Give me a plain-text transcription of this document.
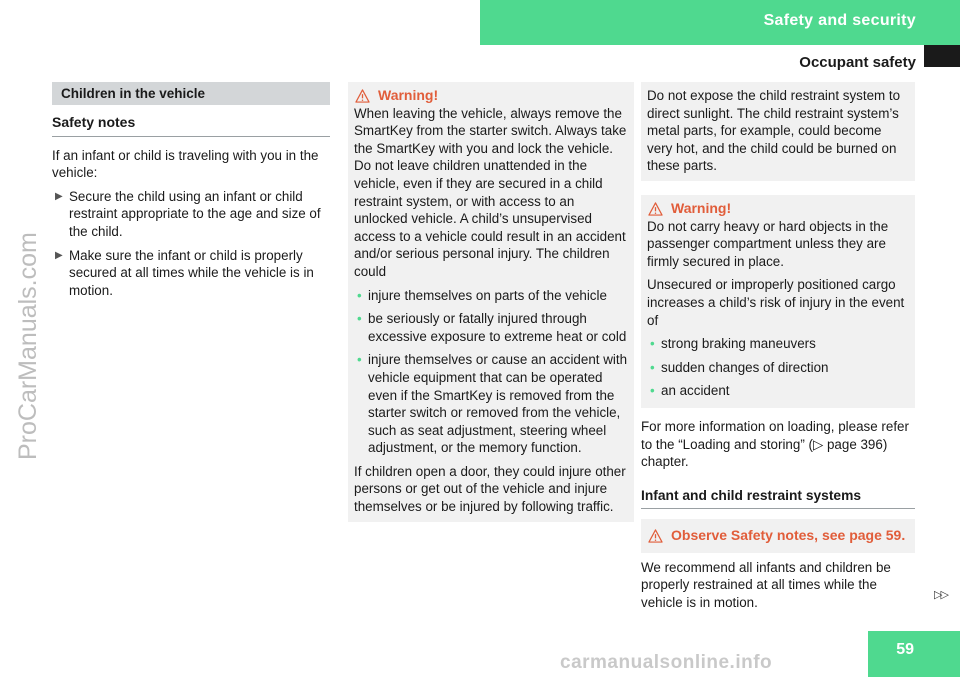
Safety and security
Occupant safety
ProCarManuals.com
Children in the vehicle
Safety notes

If an infant or child is traveling with you in the vehicle:

▶ Secure the child using an infant or child restraint appropriate to the age and size of the child.

▶ Make sure the infant or child is properly secured at all times while the vehicle is in motion.

Warning!

When leaving the vehicle, always remove the SmartKey from the starter switch. Always take the SmartKey with you and lock the vehicle. Do not leave children unattended in the vehicle, even if they are secured in a child restraint system, or with access to an unlocked vehicle. A child’s unsupervised access to a vehicle could result in an accident and/or serious personal injury. The children could

• injure themselves on parts of the vehicle
• be seriously or fatally injured through excessive exposure to extreme heat or cold
• injure themselves or cause an accident with vehicle equipment that can be operated even if the SmartKey is removed from the starter switch or removed from the vehicle, such as seat adjustment, steering wheel adjustment, or the memory function.

If children open a door, they could injure other persons or get out of the vehicle and injure themselves or be injured by following traffic.

Do not expose the child restraint system to direct sunlight. The child restraint system’s metal parts, for example, could become very hot, and the child could be burned on these parts.

Warning!

Do not carry heavy or hard objects in the passenger compartment unless they are firmly secured in place.

Unsecured or improperly positioned cargo increases a child’s risk of injury in the event of

• strong braking maneuvers
• sudden changes of direction
• an accident

For more information on loading, please refer to the “Loading and storing” (▷ page 396) chapter.

Infant and child restraint systems
Observe Safety notes, see page 59.

We recommend all infants and children be properly restrained at all times while the vehicle is in motion.

▷▷
59
carmanualsonline.info
